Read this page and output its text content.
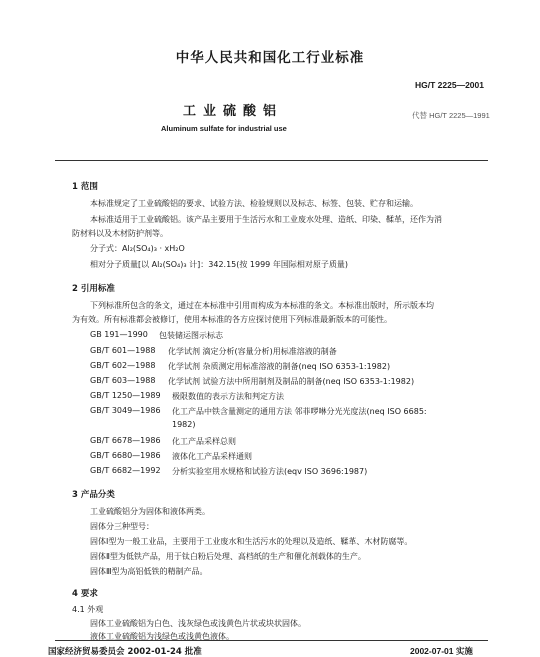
中华人民共和国化工行业标准
HG/T 2225—2001
工业硫酸铝	代替 HG/T 2225—1991
Aluminum sulfate for industrial use
1 范围
本标准规定了工业硫酸铝的要求、试验方法、检验规则以及标志、标签、包装、贮存和运输。
本标准适用于工业硫酸铝。该产品主要用于生活污水和工业废水处理、造纸、印染、鞣革，还作为消
防材料以及木材防护剂等。
分子式：Al₂(SO₄)₃ · xH₂O
相对分子质量[以 Al₂(SO₄)₃ 计]：342.15(按 1999 年国际相对原子质量)
2 引用标准
下列标准所包含的条文，通过在本标准中引用而构成为本标准的条文。本标准出版时，所示版本均
为有效。所有标准都会被修订，使用本标准的各方应探讨使用下列标准最新版本的可能性。
GB 191—1990 包装储运图示标志
GB/T 601—1988 化学试剂 滴定分析(容量分析)用标准溶液的制备
GB/T 602—1988 化学试剂 杂质测定用标准溶液的制备(neq ISO 6353-1:1982)
GB/T 603—1988 化学试剂 试验方法中所用制剂及制品的制备(neq ISO 6353-1:1982)
GB/T 1250—1989 极限数值的表示方法和判定方法
GB/T 3049—1986 化工产品中铁含量测定的通用方法 邻菲啰啉分光光度法(neq ISO 6685:
1982)
GB/T 6678—1986 化工产品采样总则
GB/T 6680—1986 液体化工产品采样通则
GB/T 6682—1992 分析实验室用水规格和试验方法(eqv ISO 3696:1987)
3 产品分类
工业硫酸铝分为固体和液体两类。
固体分三种型号：
固体Ⅰ型为一般工业品，主要用于工业废水和生活污水的处理以及造纸、鞣革、木材防腐等。
固体Ⅱ型为低铁产品，用于钛白粉后处理、高档纸的生产和催化剂载体的生产。
固体Ⅲ型为高铝低铁的精制产品。
4 要求
4.1 外观
固体工业硫酸铝为白色、浅灰绿色或浅黄色片状或块状固体。
液体工业硫酸铝为浅绿色或浅黄色液体。
国家经济贸易委员会 2002-01-24 批准	2002-07-01 实施
